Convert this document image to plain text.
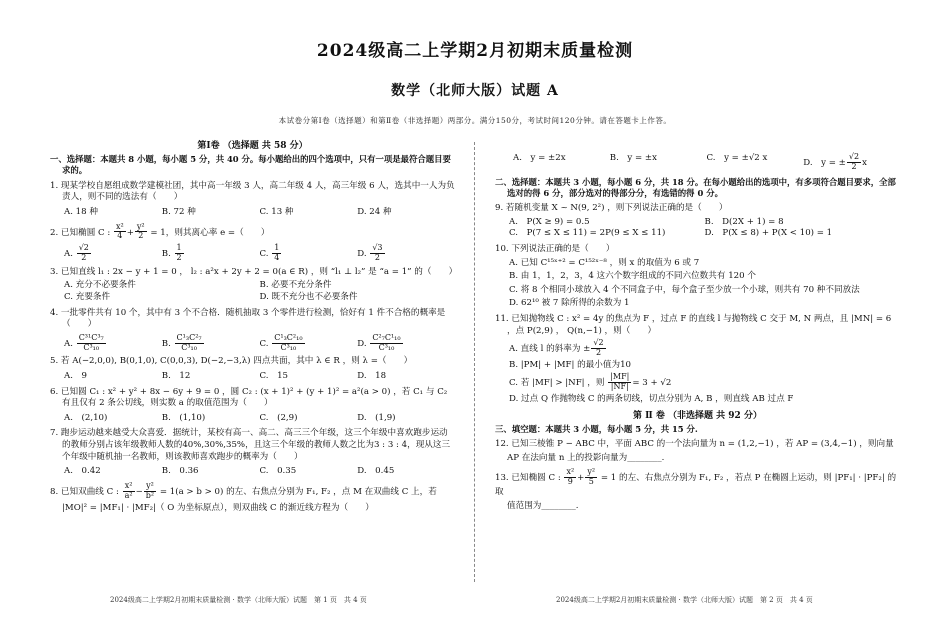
2024级高二上学期2月初期末质量检测
数学（北师大版）试题 A
本试卷分第Ⅰ卷（选择题）和第Ⅱ卷（非选择题）两部分。满分150分，考试时间120分钟。请在答题卡上作答。
第Ⅰ卷 （选择题 共 58 分）
一、选择题：本题共 8 小题，每小题 5 分，共 40 分。每小题给出的四个选项中，只有一项是最符合题目要求的。
1. 现某学校自愿组成数学建模社团，其中高一年级 3 人，高二年级 4 人，高三年级 6 人，选其中一人为负责人，则不同的选法有（　　）
A. 18 种	B. 72 种	C. 13 种	D. 24 种
2. 已知椭圆 C : $\frac{\text{x²}}{4} + \frac{\text{y²}}{2} = 1$，则其离心率 e =（　　）
A. $\frac{√2}{2}$	B. $\frac{1}{2}$	C. $\frac{1}{4}$	D. $\frac{√3}{2}$
3. 已知直线 l₁ : 2x − y + 1 = 0 ， l₂ : a²x + 2y + 2 = 0(a ∈ R) ，则 “l₁ ⊥ l₂” 是 “a = 1” 的（　　）
A. 充分不必要条件	B. 必要不充分条件
C. 充要条件	D. 既不充分也不必要条件
4. 一批零件共有 10 个，其中有 3 个不合格．随机抽取 3 个零件进行检测，恰好有 1 件不合格的概率是（　　）
A. $\frac{\text{C³¹C³₇}}{\text{C³₁₀}}$	B. $\frac{\text{C¹₃C²₇}}{\text{C³₁₀}}$	C. $\frac{\text{C¹₃C²₁₀}}{\text{C³₁₀}}$	D. $\frac{\text{C²₇C¹₁₀}}{\text{C³₁₀}}$
5. 若 A(−2,0,0), B(0,1,0), C(0,0,3), D(−2,−3,λ) 四点共面，其中 λ ∈ R ，则 λ =（　　）
A.　9	B.　12	C.　15	D.　18
6. 已知圆 C₁ : x² + y² + 8x − 6y + 9 = 0 ，圆 C₂ : (x + 1)² + (y + 1)² = a²(a > 0) ，若 C₁ 与 C₂ 有且仅有 2 条公切线，则实数 a 的取值范围为（　　）
A.　(2,10)	B.　(1,10)	C.　(2,9)	D.　(1,9)
7. 跑步运动越来越受大众喜爱．据统计，某校有高一、高二、高三三个年级，这三个年级中喜欢跑步运动的教师分别占该年级教师人数的40%,30%,35%，且这三个年级的教师人数之比为3 : 3 : 4，现从这三个年级中随机抽一名教师，则该教师喜欢跑步的概率为（　　）
A.　0.42	B.　0.36	C.　0.35	D.　0.45
8. 已知双曲线 C : $\frac{\text{x²}}{\text{a²}} - \frac{\text{y²}}{\text{b²}} = 1(a > b > 0)$ 的左、右焦点分别为 F₁, F₂ ，点 M 在双曲线 C 上，若
|MO|² = |MF₁| · |MF₂|（ O 为坐标原点），则双曲线 C 的渐近线方程为（　　）
A.　y = ±2x	B.　y = ±x	C.　y = ±√2 x	D.　y = ± $\frac{√2}{2}$ x
二、选择题：本题共 3 小题，每小题 6 分，共 18 分。在每小题给出的选项中，有多项符合题目要求，全部选对的得 6 分，部分选对的得部分分，有选错的得 0 分。
9. 若随机变量 X ~ N(9, 2²) ，则下列说法正确的是（　　）
A.　P(X ≥ 9) = 0.5	B.　D(2X + 1) = 8
C.　P(7 ≤ X ≤ 11) = 2P(9 ≤ X ≤ 11)	D.　P(X ≤ 8) + P(X < 10) = 1
10. 下列说法正确的是（　　）
A. 已知 C¹⁵ˣ⁺² = C¹⁵²ˣ⁻⁸ ，则 x 的取值为 6 或 7
B. 由 1，1，2，3，4 这六个数字组成的不同六位数共有 120 个
C. 将 8 个相同小球放入 4 个不同盒子中，每个盒子至少放一个小球，则共有 70 种不同放法
D. 62¹⁰ 被 7 除所得的余数为 1
11. 已知抛物线 C : x² = 4y 的焦点为 F ，过点 F 的直线 l 与抛物线 C 交于 M, N 两点，且 |MN| = 6 ，点 P(2,9) ， Q(n,−1) ，则（　　）
A. 直线 l 的斜率为 ± $\frac{√2}{2}$
B. |PM| + |MF| 的最小值为10
C. 若 |MF| > |NF| ，则 $\frac{|MF|}{|NF|} = 3 + √2$
D. 过点 Q 作抛物线 C 的两条切线，切点分别为 A, B ，则直线 AB 过点 F
第 Ⅱ 卷 （非选择题 共 92 分）
三、填空题：本题共 3 小题，每小题 5 分，共 15 分.
12. 已知三棱锥 P − ABC 中，平面 ABC 的一个法向量为 n = (1,2,−1) ，若 AP = (3,4,−1) ，则向量
AP 在法向量 n 上的投影向量为________.
13. 已知椭圆 C : $\frac{\text{x²}}{9} + \frac{\text{y²}}{5} = 1$ 的左、右焦点分别为 F₁, F₂ ，若点 P 在椭圆上运动，则 |PF₁| · |PF₂| 的取
值范围为________.
2024级高二上学期2月初期末质量检测 · 数学（北师大版）试题　第 1 页　共 4 页	2024级高二上学期2月初期末质量检测 · 数学（北师大版）试题　第 2 页　共 4 页
